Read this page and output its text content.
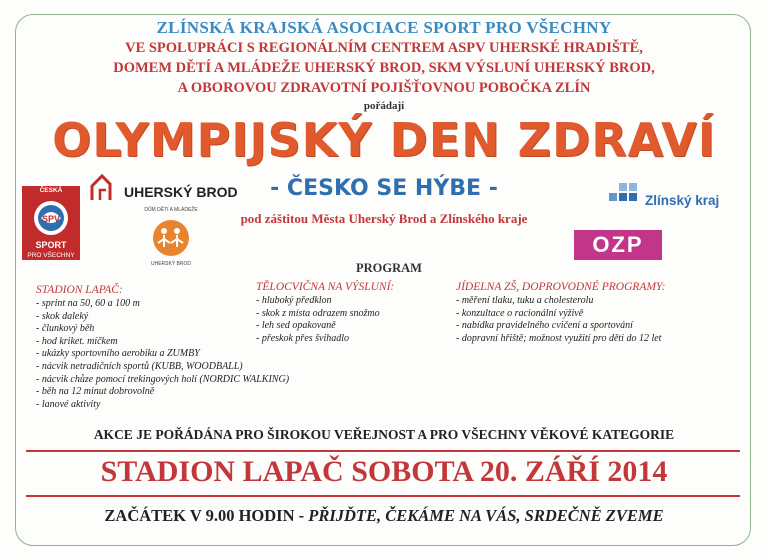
ZLÍNSKÁ KRAJSKÁ ASOCIACE SPORT PRO VŠECHNY
VE SPOLUPRÁCI S REGIONÁLNÍM CENTREM ASPV UHERSKÉ HRADIŠTĚ,
DOMEM DĚTÍ A MLÁDEŽE UHERSKÝ BROD, SKM VÝSLUNÍ UHERSKÝ BROD,
A OBOROVOU ZDRAVOTNÍ POJIŠŤOVNOU POBOČKA ZLÍN
pořádají
OLYMPIJSKÝ DEN ZDRAVÍ
- ČESKO SE HÝBE -
pod záštitou Města Uherský Brod a Zlínského kraje
ČESKÁ
SPV
SPORT
PRO VŠECHNY
UHERSKÝ BROD
DŮM DĚTÍ A MLÁDEŽE
UHERSKÝ BROD
Zlínský kraj
OZP
PROGRAM
STADION LAPAČ:
- sprint na 50, 60 a 100 m
- skok daleký
- člunkový běh
- hod kriket. míčkem
- ukázky sportovního aerobiku a ZUMBY
- nácvik netradičních sportů (KUBB, WOODBALL)
- nácvik chůze pomocí trekingových holí (NORDIC WALKING)
- běh na 12 minut dobrovolně
- lanové aktivity
TĚLOCVIČNA NA VÝSLUNÍ:
- hluboký předklon
- skok z místa odrazem snožmo
- leh sed opakovaně
- přeskok přes švihadlo
JÍDELNA ZŠ, DOPROVODNÉ PROGRAMY:
- měření tlaku, tuku a cholesterolu
- konzultace o racionální výživě
- nabídka pravidelného cvičení a sportování
- dopravní hřiště; možnost využití pro děti do 12 let
AKCE JE POŘÁDÁNA PRO ŠIROKOU VEŘEJNOST A PRO VŠECHNY VĚKOVÉ KATEGORIE
STADION LAPAČ SOBOTA 20. ZÁŘÍ 2014
ZAČÁTEK V 9.00 HODIN - PŘIJĎTE, ČEKÁME NA VÁS, SRDEČNĚ ZVEME
